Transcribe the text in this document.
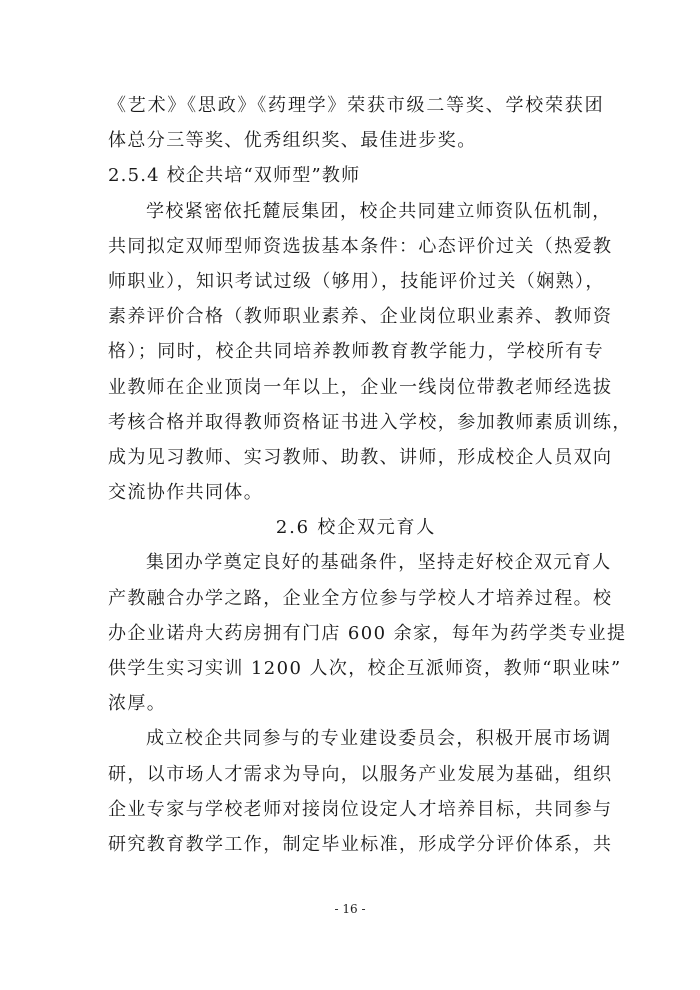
《艺术》《思政》《药理学》荣获市级二等奖、学校荣获团
体总分三等奖、优秀组织奖、最佳进步奖。
2.5.4 校企共培“双师型”教师
学校紧密依托麓辰集团，校企共同建立师资队伍机制，
共同拟定双师型师资选拔基本条件：心态评价过关（热爱教
师职业），知识考试过级（够用），技能评价过关（娴熟），
素养评价合格（教师职业素养、企业岗位职业素养、教师资
格）；同时，校企共同培养教师教育教学能力，学校所有专
业教师在企业顶岗一年以上，企业一线岗位带教老师经选拔
考核合格并取得教师资格证书进入学校，参加教师素质训练，
成为见习教师、实习教师、助教、讲师，形成校企人员双向
交流协作共同体。
2.6 校企双元育人
集团办学奠定良好的基础条件，坚持走好校企双元育人
产教融合办学之路，企业全方位参与学校人才培养过程。校
办企业诺舟大药房拥有门店 600 余家，每年为药学类专业提
供学生实习实训 1200 人次，校企互派师资，教师“职业味”
浓厚。
成立校企共同参与的专业建设委员会，积极开展市场调
研，以市场人才需求为导向，以服务产业发展为基础，组织
企业专家与学校老师对接岗位设定人才培养目标，共同参与
研究教育教学工作，制定毕业标准，形成学分评价体系，共
- 16 -
